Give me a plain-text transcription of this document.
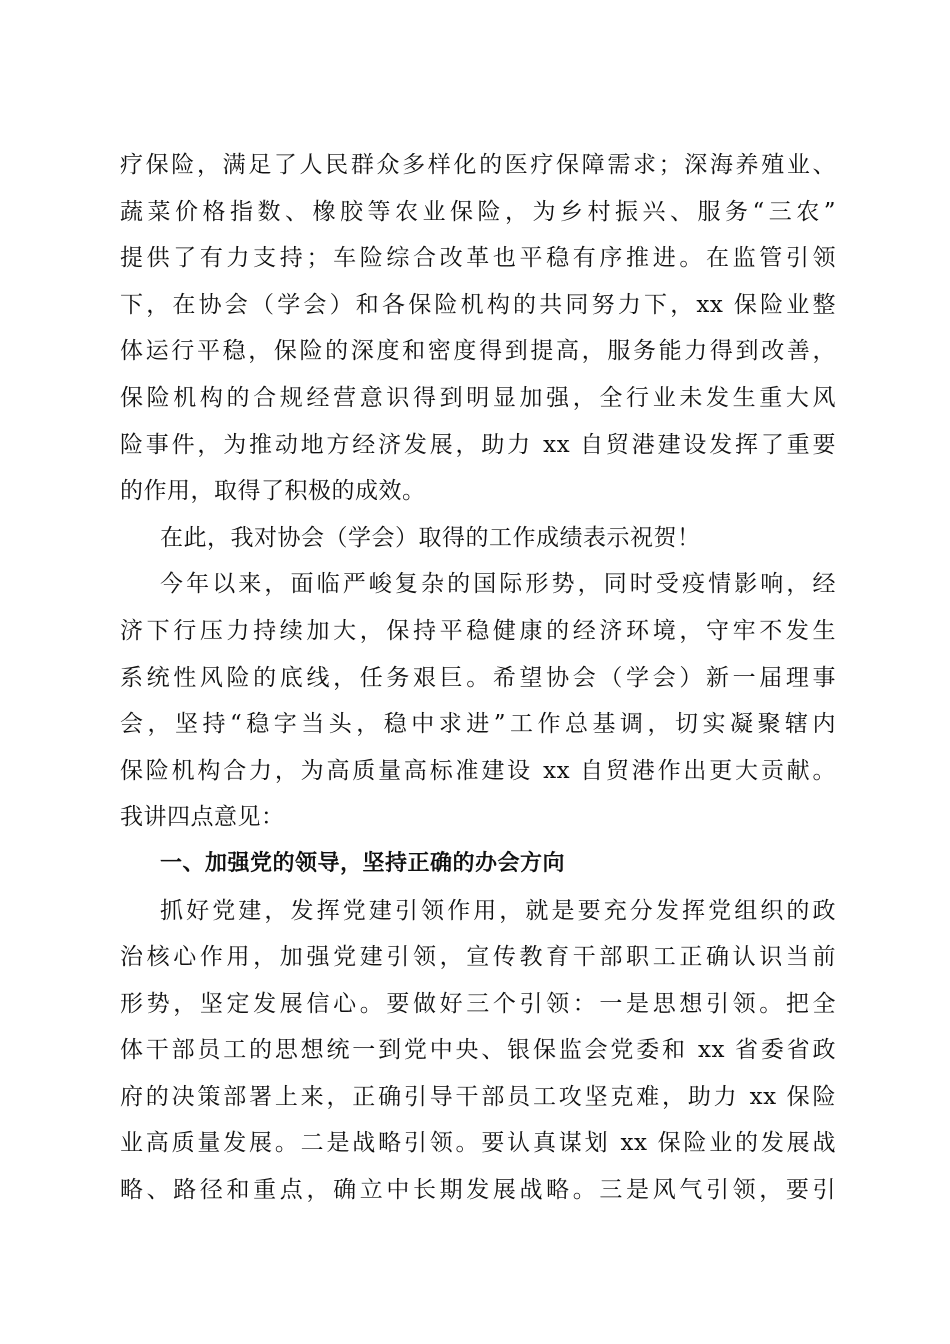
疗保险，满足了人民群众多样化的医疗保障需求；深海养殖业、
蔬菜价格指数、橡胶等农业保险，为乡村振兴、服务“三农”
提供了有力支持；车险综合改革也平稳有序推进。在监管引领
下，在协会（学会）和各保险机构的共同努力下，xx 保险业整
体运行平稳，保险的深度和密度得到提高，服务能力得到改善，
保险机构的合规经营意识得到明显加强，全行业未发生重大风
险事件，为推动地方经济发展，助力 xx 自贸港建设发挥了重要
的作用，取得了积极的成效。
在此，我对协会（学会）取得的工作成绩表示祝贺！
今年以来，面临严峻复杂的国际形势，同时受疫情影响，经
济下行压力持续加大，保持平稳健康的经济环境，守牢不发生
系统性风险的底线，任务艰巨。希望协会（学会）新一届理事
会，坚持“稳字当头，稳中求进”工作总基调，切实凝聚辖内
保险机构合力，为高质量高标准建设 xx 自贸港作出更大贡献。
我讲四点意见：
一、加强党的领导，坚持正确的办会方向
抓好党建，发挥党建引领作用，就是要充分发挥党组织的政
治核心作用，加强党建引领，宣传教育干部职工正确认识当前
形势，坚定发展信心。要做好三个引领：一是思想引领。把全
体干部员工的思想统一到党中央、银保监会党委和 xx 省委省政
府的决策部署上来，正确引导干部员工攻坚克难，助力 xx 保险
业高质量发展。二是战略引领。要认真谋划 xx 保险业的发展战
略、路径和重点，确立中长期发展战略。三是风气引领，要引
